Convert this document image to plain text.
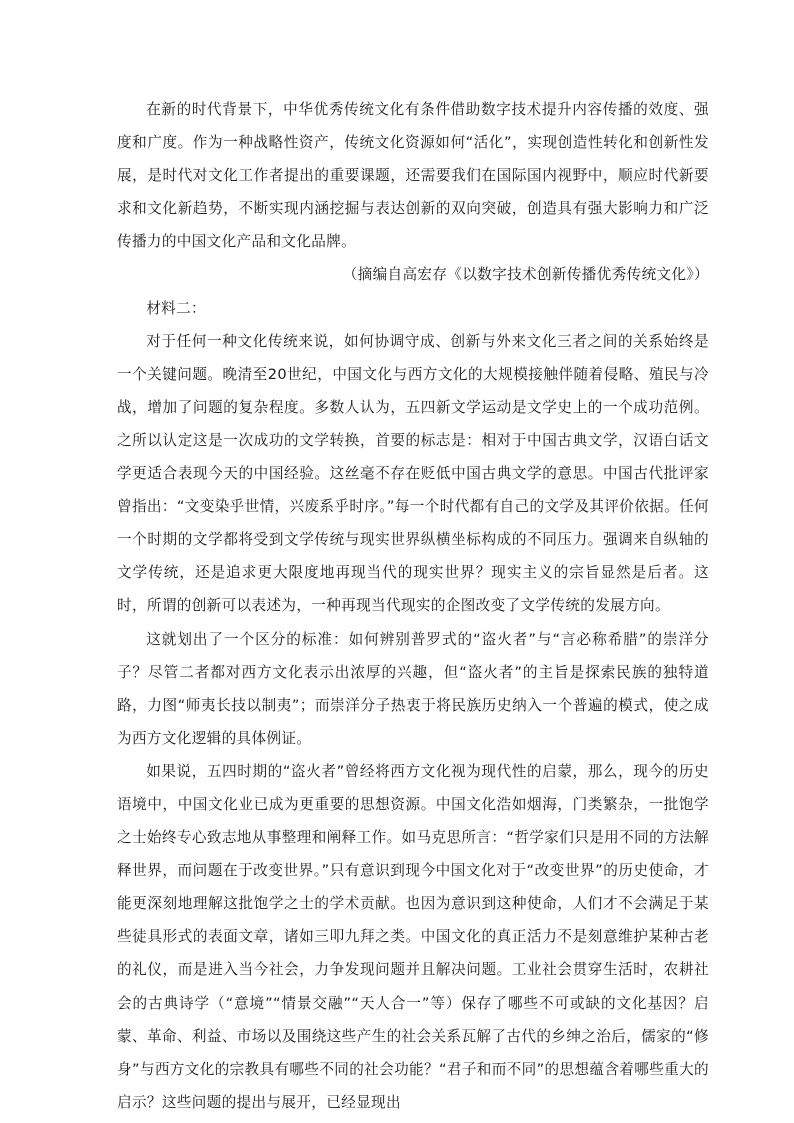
在新的时代背景下，中华优秀传统文化有条件借助数字技术提升内容传播的效度、强度和广度。作为一种战略性资产，传统文化资源如何“活化”，实现创造性转化和创新性发展，是时代对文化工作者提出的重要课题，还需要我们在国际国内视野中，顺应时代新要求和文化新趋势，不断实现内涵挖掘与表达创新的双向突破，创造具有强大影响力和广泛传播力的中国文化产品和文化品牌。

（摘编自高宏存《以数字技术创新传播优秀传统文化》）

材料二：

对于任何一种文化传统来说，如何协调守成、创新与外来文化三者之间的关系始终是一个关键问题。晚清至20世纪，中国文化与西方文化的大规模接触伴随着侵略、殖民与冷战，增加了问题的复杂程度。多数人认为，五四新文学运动是文学史上的一个成功范例。之所以认定这是一次成功的文学转换，首要的标志是：相对于中国古典文学，汉语白话文学更适合表现今天的中国经验。这丝毫不存在贬低中国古典文学的意思。中国古代批评家曾指出：“文变染乎世情，兴废系乎时序。”每一个时代都有自己的文学及其评价依据。任何一个时期的文学都将受到文学传统与现实世界纵横坐标构成的不同压力。强调来自纵轴的文学传统，还是追求更大限度地再现当代的现实世界？现实主义的宗旨显然是后者。这时，所谓的创新可以表述为，一种再现当代现实的企图改变了文学传统的发展方向。

这就划出了一个区分的标准：如何辨别普罗式的“盗火者”与“言必称希腊”的崇洋分子？尽管二者都对西方文化表示出浓厚的兴趣，但“盗火者”的主旨是探索民族的独特道路，力图“师夷长技以制夷”；而崇洋分子热衷于将民族历史纳入一个普遍的模式，使之成为西方文化逻辑的具体例证。

如果说，五四时期的“盗火者”曾经将西方文化视为现代性的启蒙，那么，现今的历史语境中，中国文化业已成为更重要的思想资源。中国文化浩如烟海，门类繁杂，一批饱学之士始终专心致志地从事整理和阐释工作。如马克思所言：“哲学家们只是用不同的方法解释世界，而问题在于改变世界。”只有意识到现今中国文化对于“改变世界”的历史使命，才能更深刻地理解这批饱学之士的学术贡献。也因为意识到这种使命，人们才不会满足于某些徒具形式的表面文章，诸如三叩九拜之类。中国文化的真正活力不是刻意维护某种古老的礼仪，而是进入当今社会，力争发现问题并且解决问题。工业社会贯穿生活时，农耕社会的古典诗学（“意境”“情景交融”“天人合一”等）保存了哪些不可或缺的文化基因？启蒙、革命、利益、市场以及围绕这些产生的社会关系瓦解了古代的乡绅之治后，儒家的“修身”与西方文化的宗教具有哪些不同的社会功能？“君子和而不同”的思想蕴含着哪些重大的启示？这些问题的提出与展开，已经显现出
